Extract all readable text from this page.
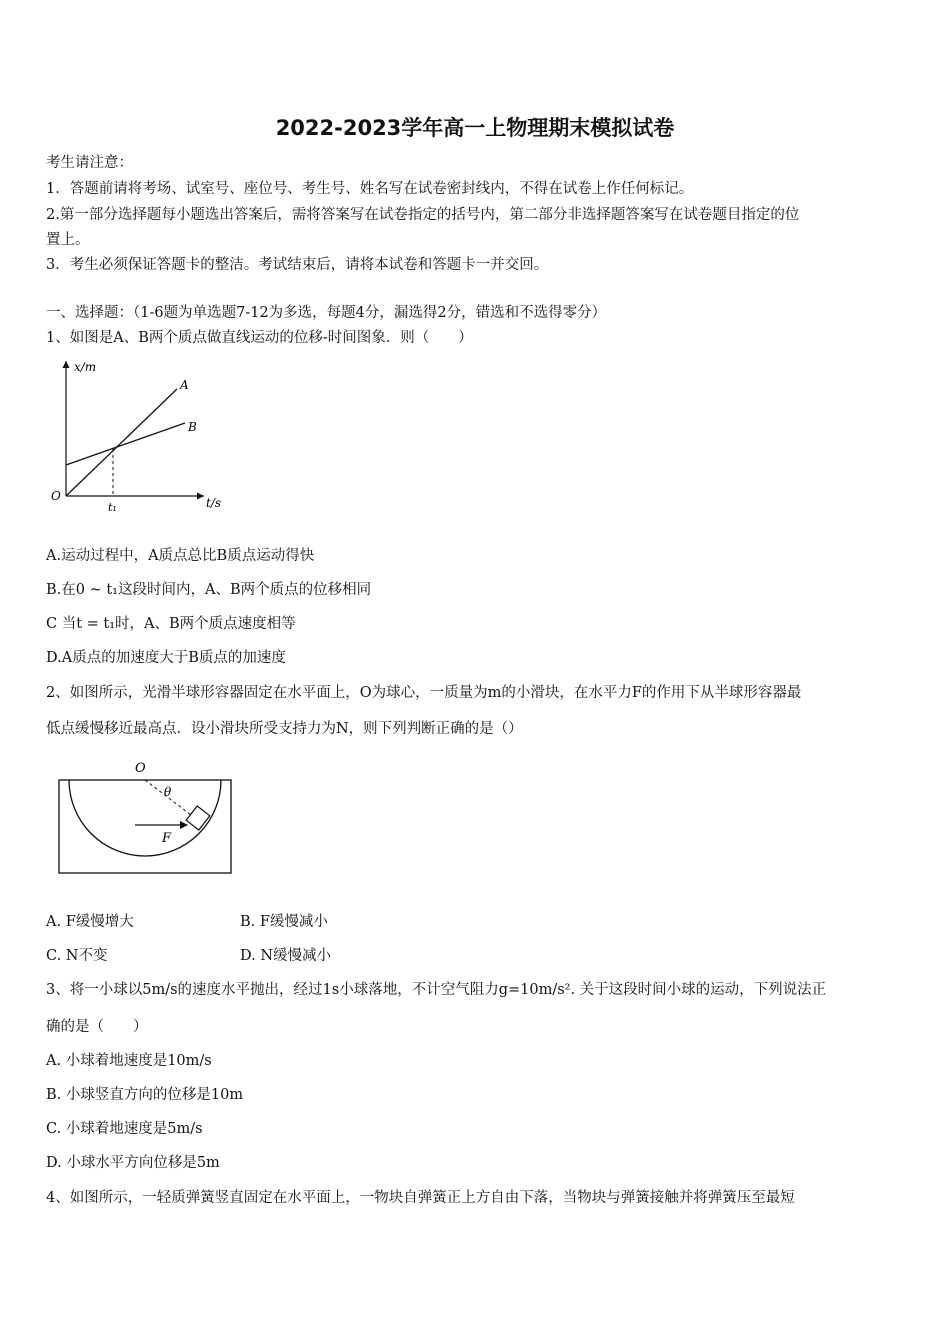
2022-2023学年高一上物理期末模拟试卷
考生请注意：
1．答题前请将考场、试室号、座位号、考生号、姓名写在试卷密封线内，不得在试卷上作任何标记。
2.第一部分选择题每小题选出答案后，需将答案写在试卷指定的括号内，第二部分非选择题答案写在试卷题目指定的位
置上。
3．考生必须保证答题卡的整洁。考试结束后，请将本试卷和答题卡一并交回。
一、选择题：（1-6题为单选题7-12为多选，每题4分，漏选得2分，错选和不选得零分）
1、如图是A、B两个质点做直线运动的位移-时间图象．则（　　）
x/m
t/s
O
t₁
A
B
A.运动过程中，A质点总比B质点运动得快
B.在0 ~ t₁这段时间内，A、B两个质点的位移相同
C 当t = t₁时，A、B两个质点速度相等
D.A质点的加速度大于B质点的加速度
2、如图所示，光滑半球形容器固定在水平面上，O为球心，一质量为m的小滑块，在水平力F的作用下从半球形容器最
低点缓慢移近最高点．设小滑块所受支持力为N，则下列判断正确的是（）
O
θ
F
A. F缓慢增大	B. F缓慢减小
C. N不变	D. N缓慢减小
3、将一小球以5m/s的速度水平抛出，经过1s小球落地，不计空气阻力g=10m/s². 关于这段时间小球的运动，下列说法正
确的是（　　）
A. 小球着地速度是10m/s
B. 小球竖直方向的位移是10m
C. 小球着地速度是5m/s
D. 小球水平方向位移是5m
4、如图所示，一轻质弹簧竖直固定在水平面上，一物块自弹簧正上方自由下落，当物块与弹簧接触并将弹簧压至最短
